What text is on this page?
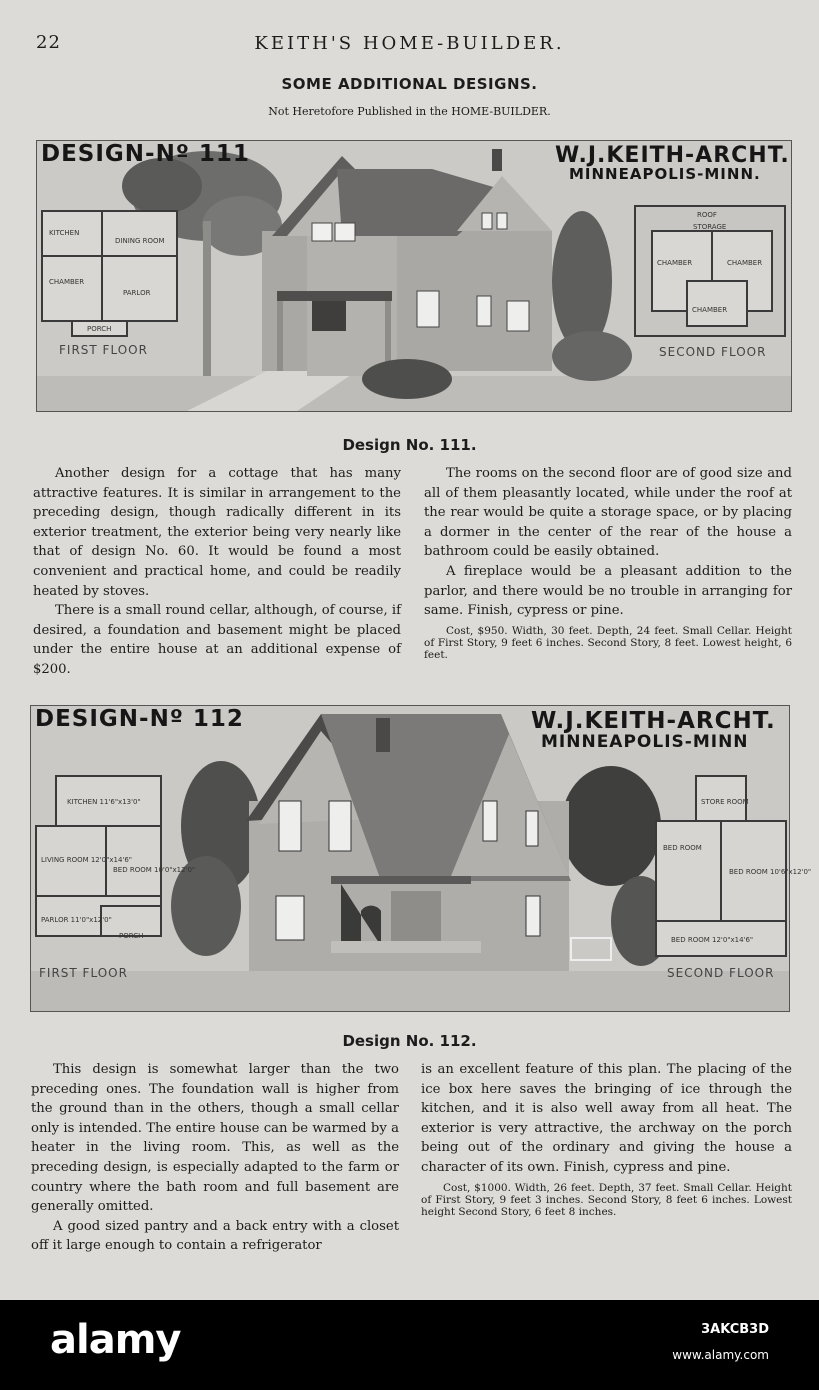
22	KEITH'S HOME-BUILDER.
SOME ADDITIONAL DESIGNS.
Not Heretofore Published in the HOME-BUILDER.
DESIGN-Nº 111	W.J.KEITH-ARCHT.
MINNEAPOLIS-MINN.
FIRST FLOOR	SECOND FLOOR
KITCHEN
DINING ROOM
CHAMBER
PARLOR
PORCH
ROOF
STORAGE
CHAMBER	CHAMBER
CHAMBER
Design No. 111.

Another design for a cottage that has many attractive features. It is similar in arrangement to the preceding design, though radically different in its exterior treatment, the exterior being very nearly like that of design No. 60. It would be found a most convenient and practical home, and could be readily heated by stoves.

There is a small round cellar, although, of course, if desired, a foundation and basement might be placed under the entire house at an additional expense of $200.

The rooms on the second floor are of good size and all of them pleasantly located, while under the roof at the rear would be quite a storage space, or by placing a dormer in the center of the rear of the house a bathroom could be easily obtained.

A fireplace would be a pleasant addition to the parlor, and there would be no trouble in arranging for same. Finish, cypress or pine.

Cost, $950. Width, 30 feet. Depth, 24 feet. Small Cellar. Height of First Story, 9 feet 6 inches. Second Story, 8 feet. Lowest height, 6 feet.

DESIGN-Nº 112	W.J.KEITH-ARCHT.
MINNEAPOLIS-MINN
FIRST FLOOR	SECOND FLOOR
KITCHEN 11'6"x13'0"
LIVING ROOM 12'0"x14'6"
BED ROOM 10'0"x12'0"
PARLOR 11'0"x12'0"
PORCH
STORE ROOM
BED ROOM
BED ROOM 10'6"x12'0"
BED ROOM 12'0"x14'6"
Design No. 112.

This design is somewhat larger than the two preceding ones. The foundation wall is higher from the ground than in the others, though a small cellar only is intended. The entire house can be warmed by a heater in the living room. This, as well as the preceding design, is especially adapted to the farm or country where the bath room and full basement are generally omitted.

A good sized pantry and a back entry with a closet off it large enough to contain a refrigerator

is an excellent feature of this plan. The placing of the ice box here saves the bringing of ice through the kitchen, and it is also well away from all heat. The exterior is very attractive, the archway on the porch being out of the ordinary and giving the house a character of its own. Finish, cypress and pine.

Cost, $1000. Width, 26 feet. Depth, 37 feet. Small Cellar. Height of First Story, 9 feet 3 inches. Second Story, 8 feet 6 inches. Lowest height Second Story, 6 feet 8 inches.

alamy	3AKCB3D
www.alamy.com
